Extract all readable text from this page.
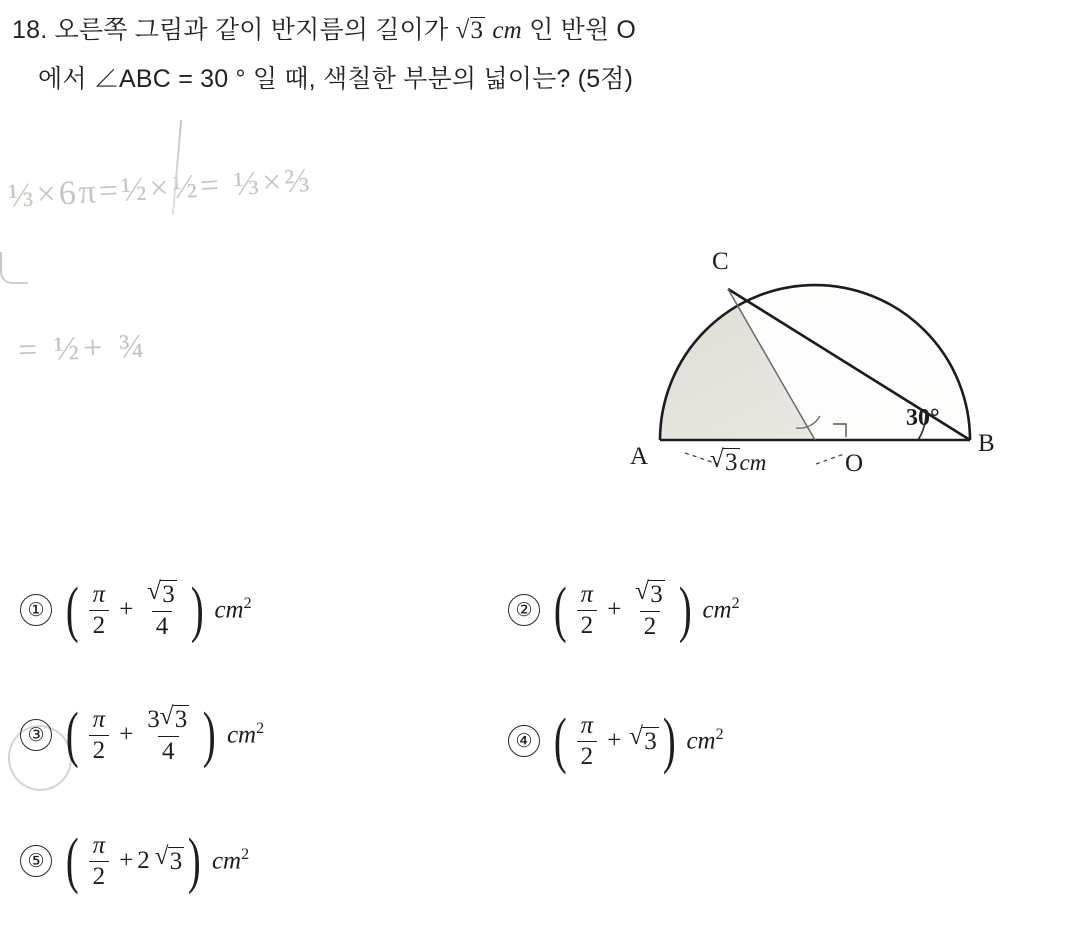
18. 오른쪽 그림과 같이 반지름의 길이가 √ 3 cm 인 반원 O
에서 ∠ABC = 30 ° 일 때, 색칠한 부분의 넓이는? (5점)
⅓×6π=½×½= ⅓×⅔
= ½+ ¾
A	B
C
O
30°
√ 3cm
① ( $\frac{\pi}{2} + \frac{√ 3}{4}$ ) $cm^2$	② ( $\frac{\pi}{2} + \frac{√ 3}{2}$ ) $cm^2$
③ ( $\frac{\pi}{2} + \frac{3 √ 3}{4}$ ) $cm^2$
④ ( $\frac{\pi}{2}$ + √ 3 ) $cm^2$
⑤ ( $\frac{\pi}{2} + 2$ √ 3 ) $cm^2$
